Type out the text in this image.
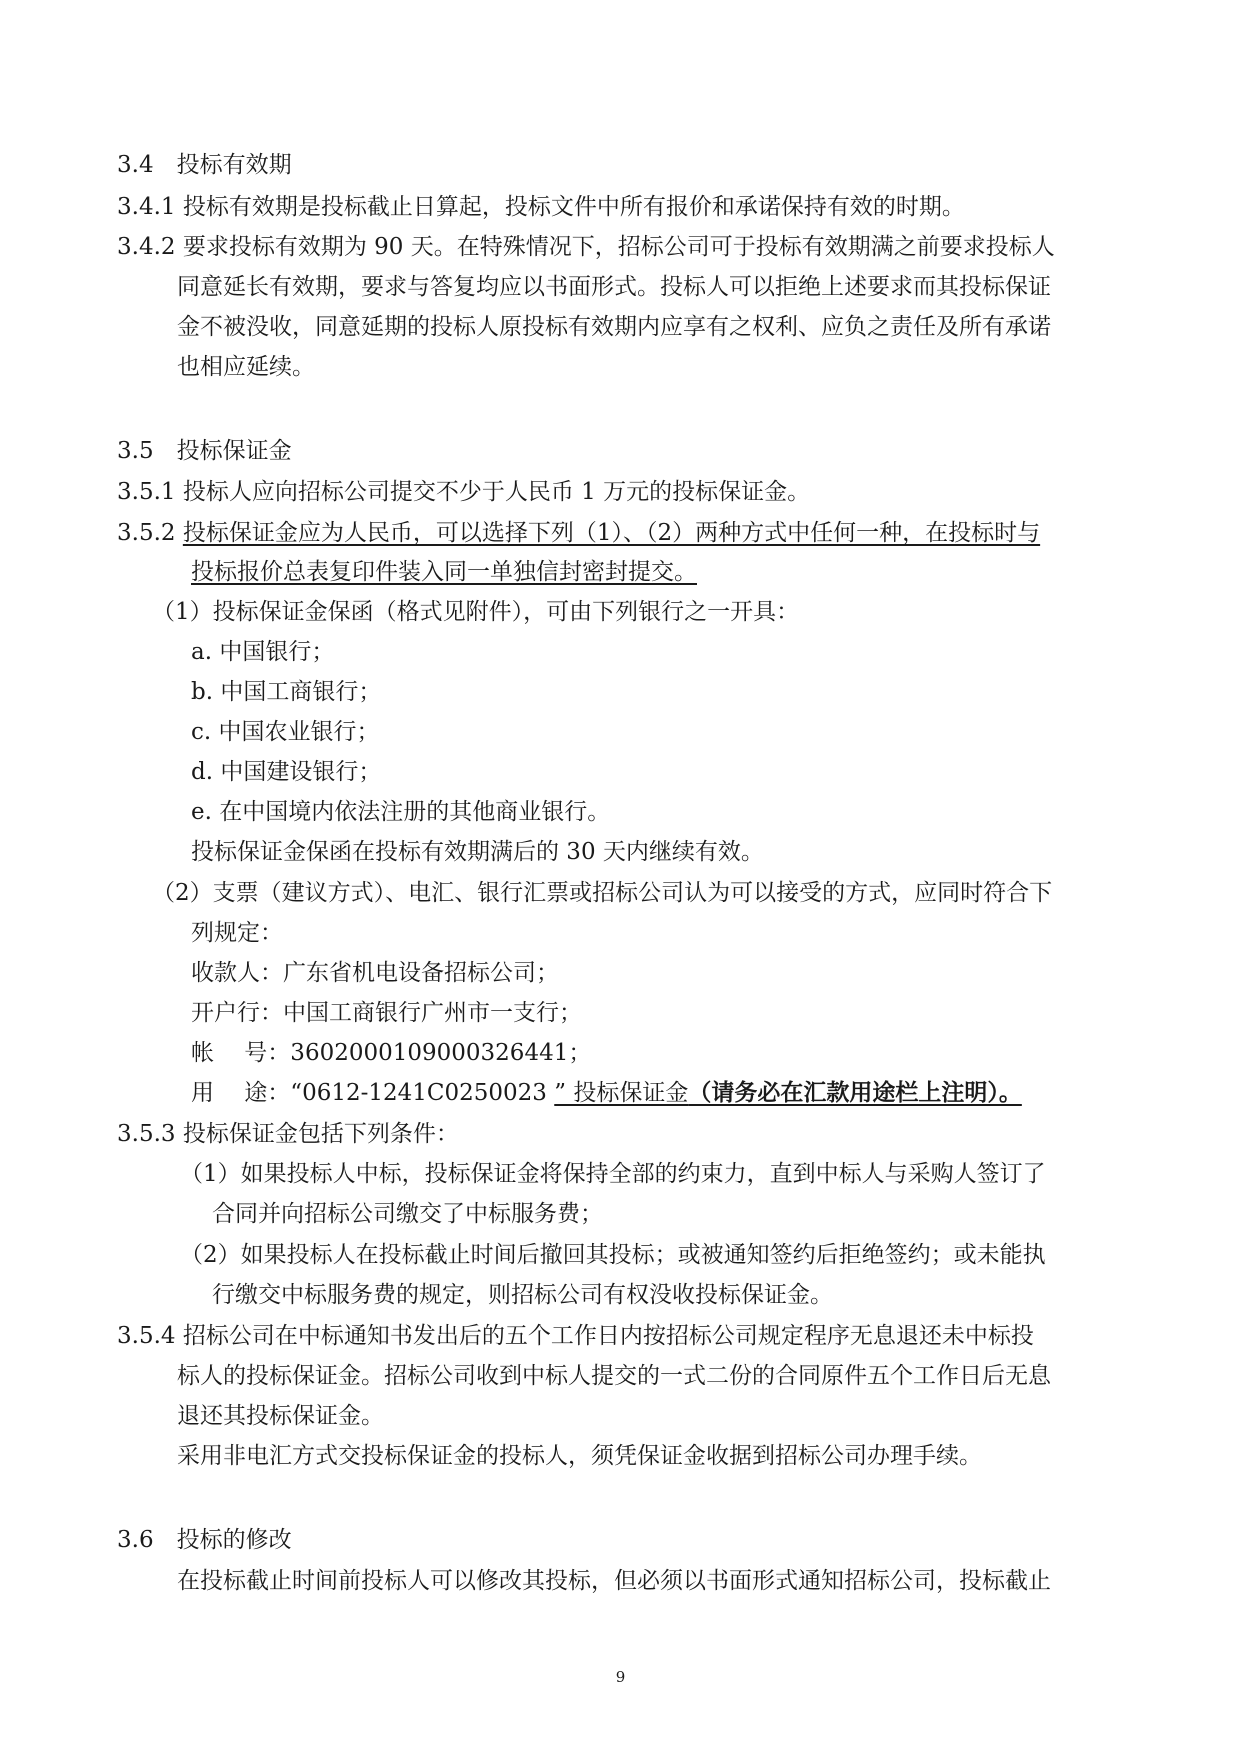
3.4　投标有效期
3.4.1 投标有效期是投标截止日算起，投标文件中所有报价和承诺保持有效的时期。
3.4.2 要求投标有效期为 90 天。在特殊情况下，招标公司可于投标有效期满之前要求投标人
同意延长有效期，要求与答复均应以书面形式。投标人可以拒绝上述要求而其投标保证
金不被没收，同意延期的投标人原投标有效期内应享有之权利、应负之责任及所有承诺
也相应延续。
3.5　投标保证金
3.5.1 投标人应向招标公司提交不少于人民币 1 万元的投标保证金。
3.5.2 投标保证金应为人民币，可以选择下列（1）、（2）两种方式中任何一种，在投标时与
投标报价总表复印件装入同一单独信封密封提交。
（1）投标保证金保函（格式见附件），可由下列银行之一开具：
a. 中国银行；
b. 中国工商银行；
c. 中国农业银行；
d. 中国建设银行；
e. 在中国境内依法注册的其他商业银行。
投标保证金保函在投标有效期满后的 30 天内继续有效。
（2）支票（建议方式）、电汇、银行汇票或招标公司认为可以接受的方式，应同时符合下
列规定：
收款人：广东省机电设备招标公司；
开户行：中国工商银行广州市一支行；
帐　 号：3602000109000326441；
用　 途：“0612-1241C0250023 ” 投标保证金（请务必在汇款用途栏上注明）。
3.5.3 投标保证金包括下列条件：
（1）如果投标人中标，投标保证金将保持全部的约束力，直到中标人与采购人签订了
合同并向招标公司缴交了中标服务费；
（2）如果投标人在投标截止时间后撤回其投标；或被通知签约后拒绝签约；或未能执
行缴交中标服务费的规定，则招标公司有权没收投标保证金。
3.5.4 招标公司在中标通知书发出后的五个工作日内按招标公司规定程序无息退还未中标投
标人的投标保证金。招标公司收到中标人提交的一式二份的合同原件五个工作日后无息
退还其投标保证金。
采用非电汇方式交投标保证金的投标人，须凭保证金收据到招标公司办理手续。
3.6　投标的修改
在投标截止时间前投标人可以修改其投标，但必须以书面形式通知招标公司，投标截止
9
